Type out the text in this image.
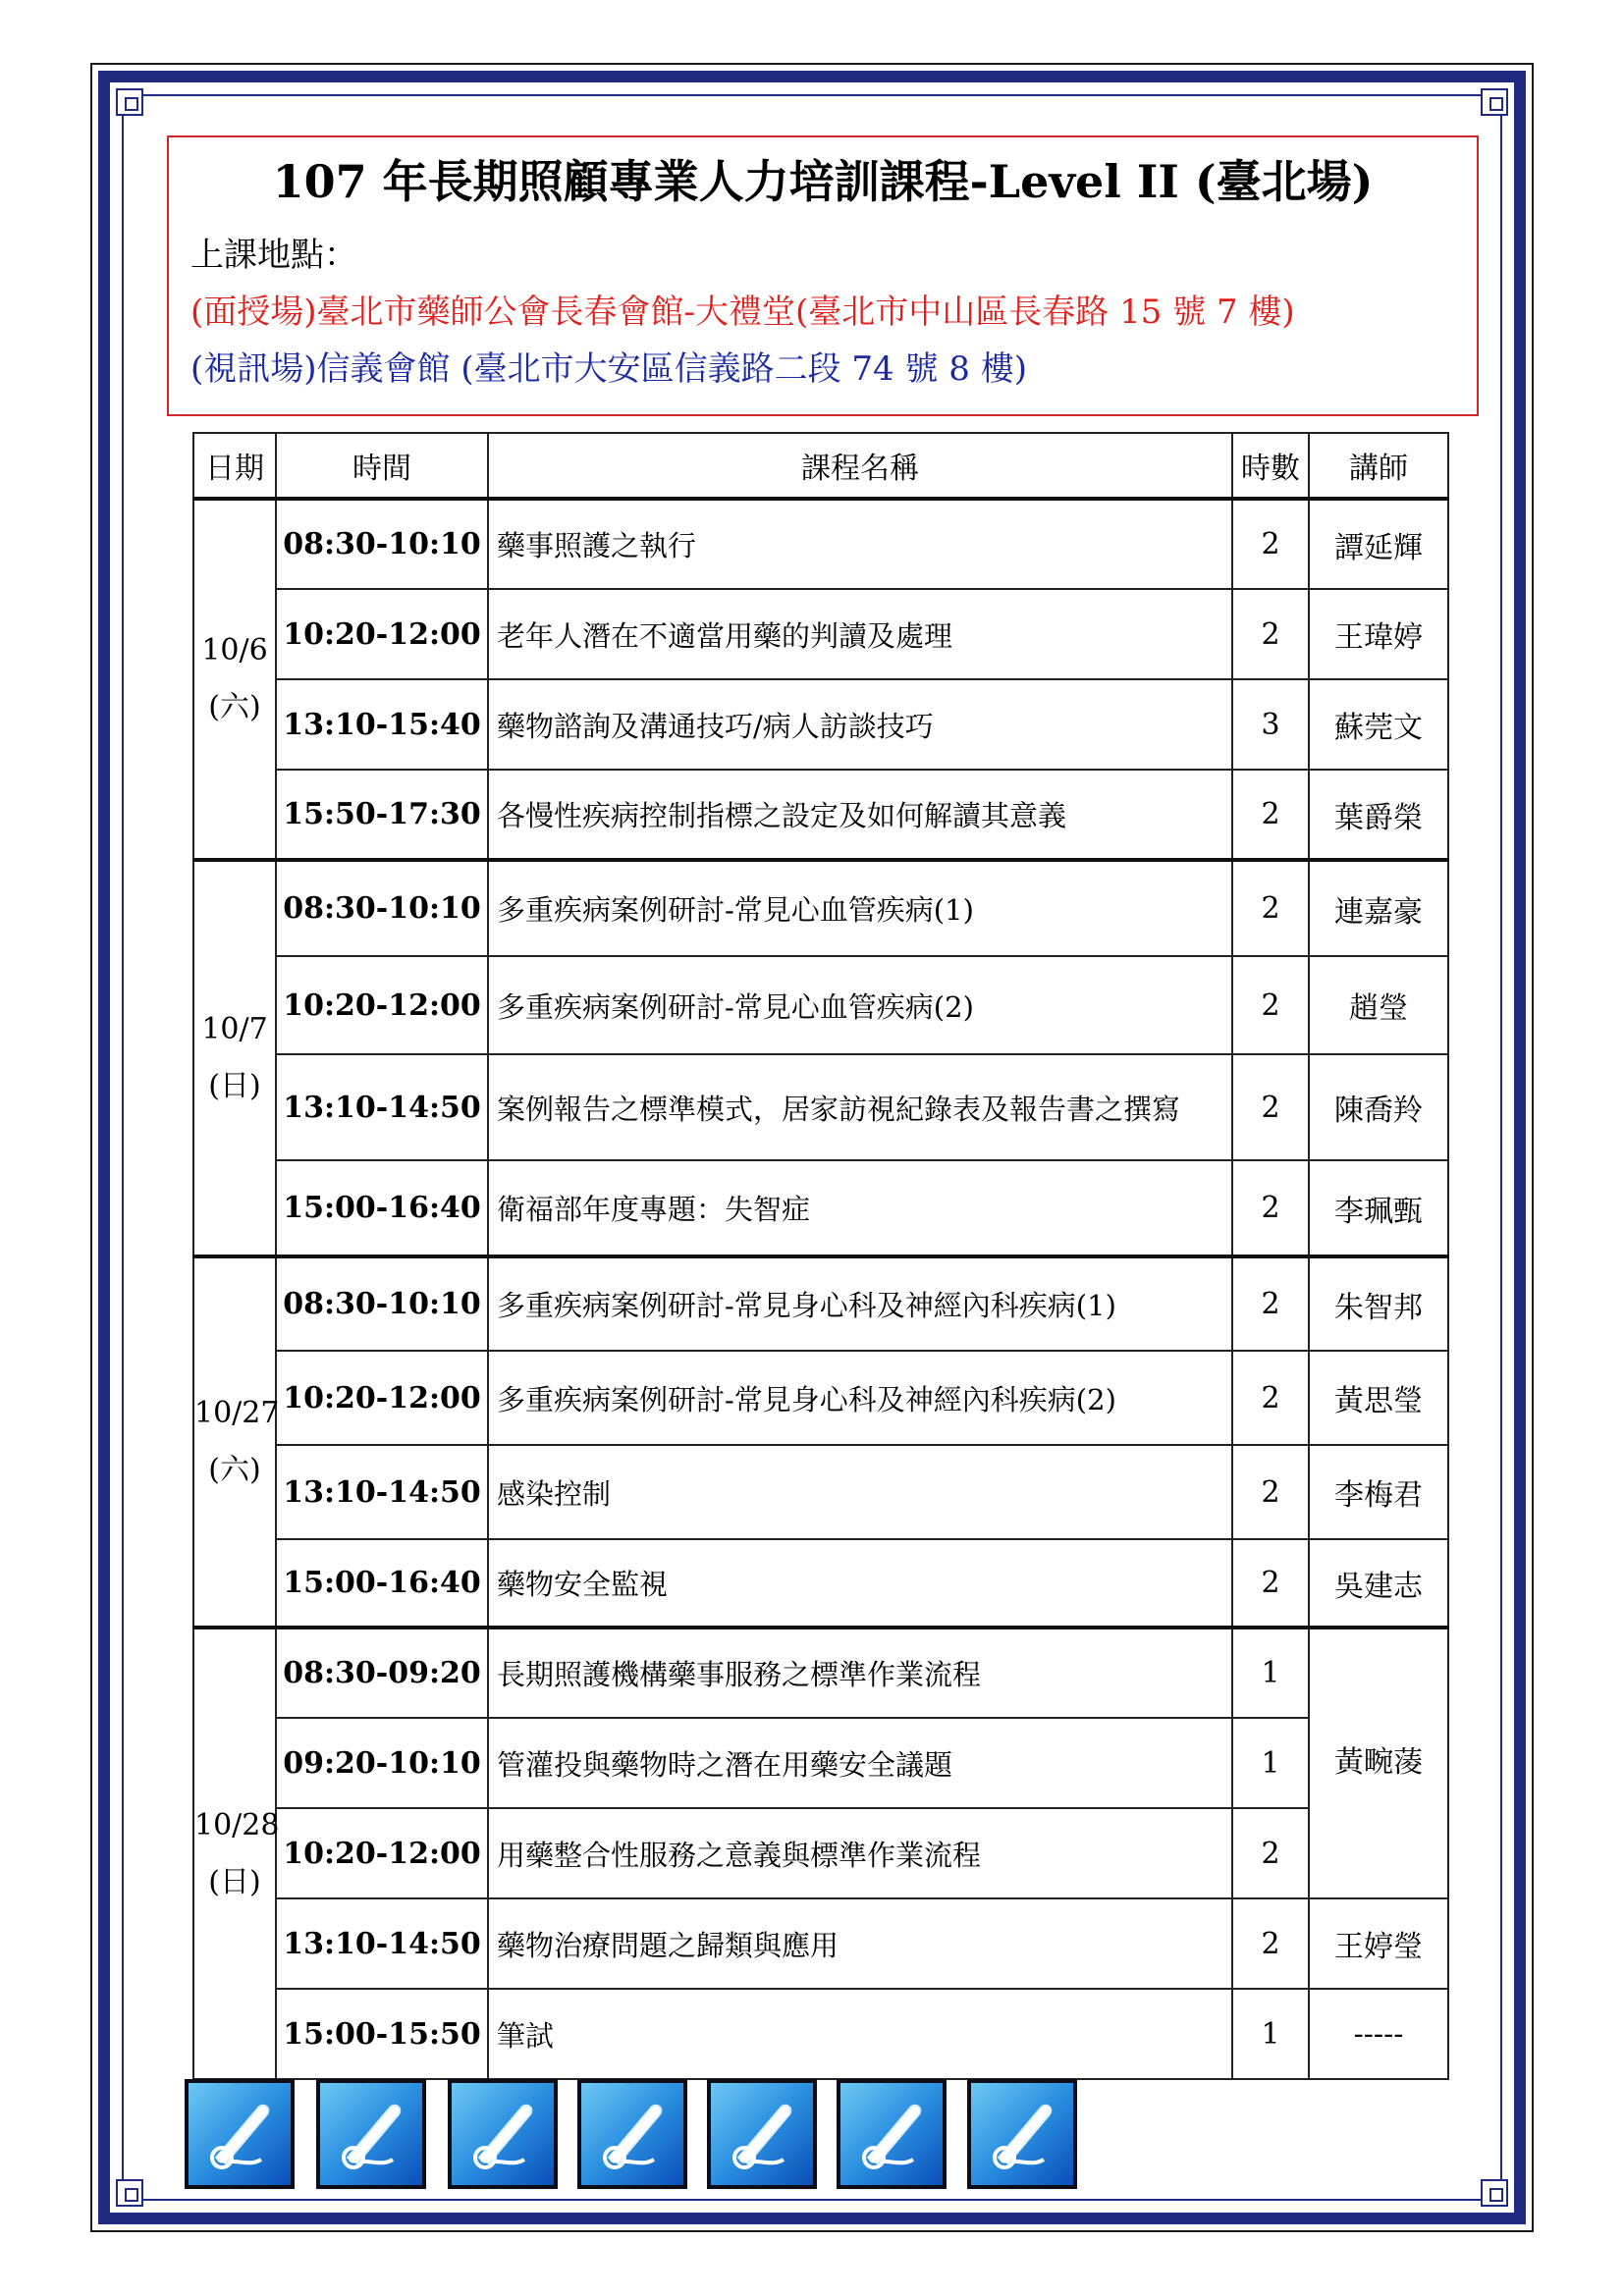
107 年長期照顧專業人力培訓課程-Level II (臺北場)
上課地點：
(面授場)臺北市藥師公會長春會館-大禮堂(臺北市中山區長春路 15 號 7 樓)
(視訊場)信義會館 (臺北市大安區信義路二段 74 號 8 樓)
日期	時間	課程名稱	時數	講師

10/6
(六)	08:30-10:10	藥事照護之執行	2	譚延輝
	10:20-12:00	老年人潛在不適當用藥的判讀及處理	2	王瑋婷
	13:10-15:40	藥物諮詢及溝通技巧/病人訪談技巧	3	蘇莞文
	15:50-17:30	各慢性疾病控制指標之設定及如何解讀其意義	2	葉爵榮

10/7
(日)	08:30-10:10	多重疾病案例研討-常見心血管疾病(1)	2	連嘉豪
	10:20-12:00	多重疾病案例研討-常見心血管疾病(2)	2	趙瑩
	13:10-14:50	案例報告之標準模式，居家訪視紀錄表及報告書之撰寫	2	陳喬羚
	15:00-16:40	衛福部年度專題：失智症	2	李珮甄

10/27
(六)	08:30-10:10	多重疾病案例研討-常見身心科及神經內科疾病(1)	2	朱智邦
	10:20-12:00	多重疾病案例研討-常見身心科及神經內科疾病(2)	2	黃思瑩
	13:10-14:50	感染控制	2	李梅君
	15:00-16:40	藥物安全監視	2	吳建志

10/28
(日)	08:30-09:20	長期照護機構藥事服務之標準作業流程	1	黃畹蓤
	09:20-10:10	管灌投與藥物時之潛在用藥安全議題	1	
	10:20-12:00	用藥整合性服務之意義與標準作業流程	2	
	13:10-14:50	藥物治療問題之歸類與應用	2	王婷瑩
	15:00-15:50	筆試	1	-----
